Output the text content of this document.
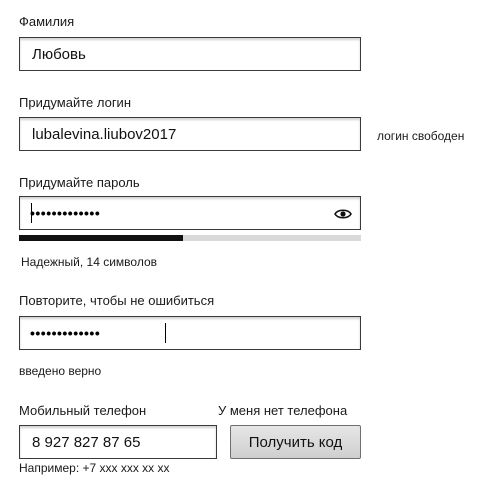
Фамилия
Любовь
Придумайте логин
lubalevina.liubov2017	логин свободен
Придумайте пароль
•••••••••••••
Надежный, 14 символов
Повторите, чтобы не ошибиться
•••••••••••••
введено верно
Мобильный телефон	У меня нет телефона
8 927 827 87 65	Получить код
Например: +7 xxx xxx xx xx
